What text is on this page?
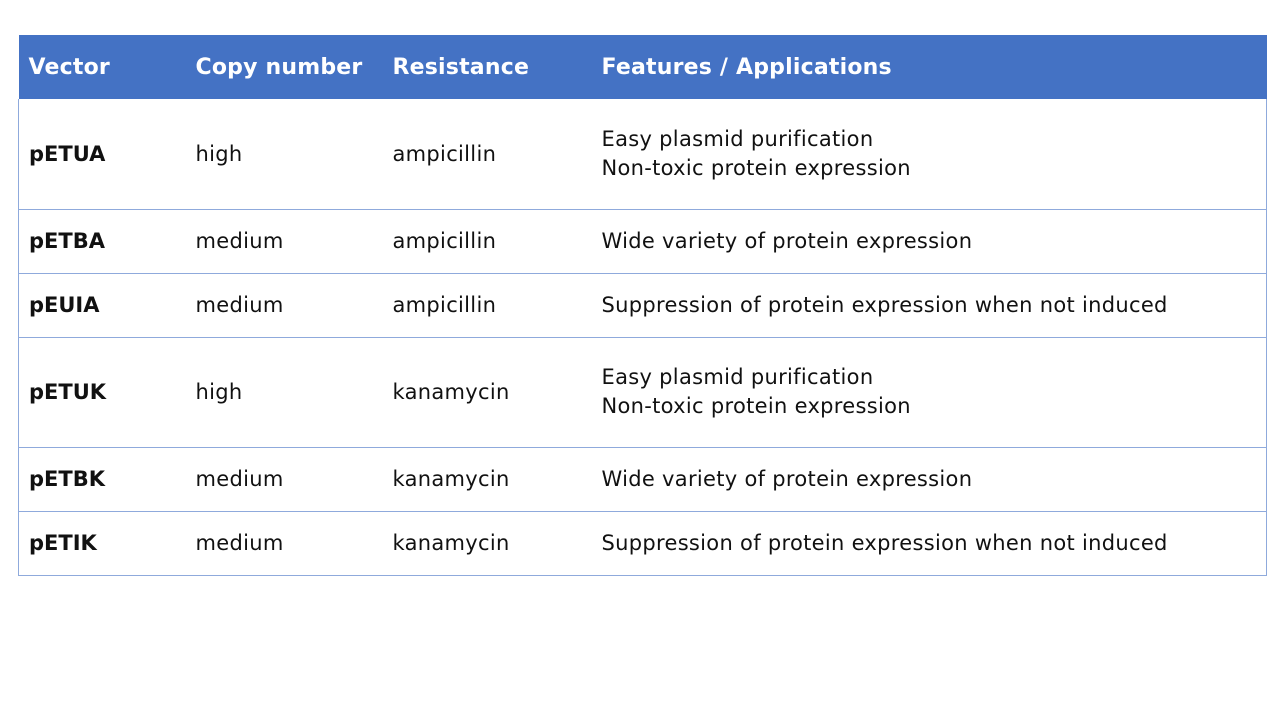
Vector	Copy number	Resistance	Features / Applications
pETUA	high	ampicillin	Easy plasmid purification
Non-toxic protein expression

pETBA	medium	ampicillin	Wide variety of protein expression

pEUIA	medium	ampicillin	Suppression of protein expression when not induced

pETUK	high	kanamycin	Easy plasmid purification
Non-toxic protein expression

pETBK	medium	kanamycin	Wide variety of protein expression

pETIK	medium	kanamycin	Suppression of protein expression when not induced
